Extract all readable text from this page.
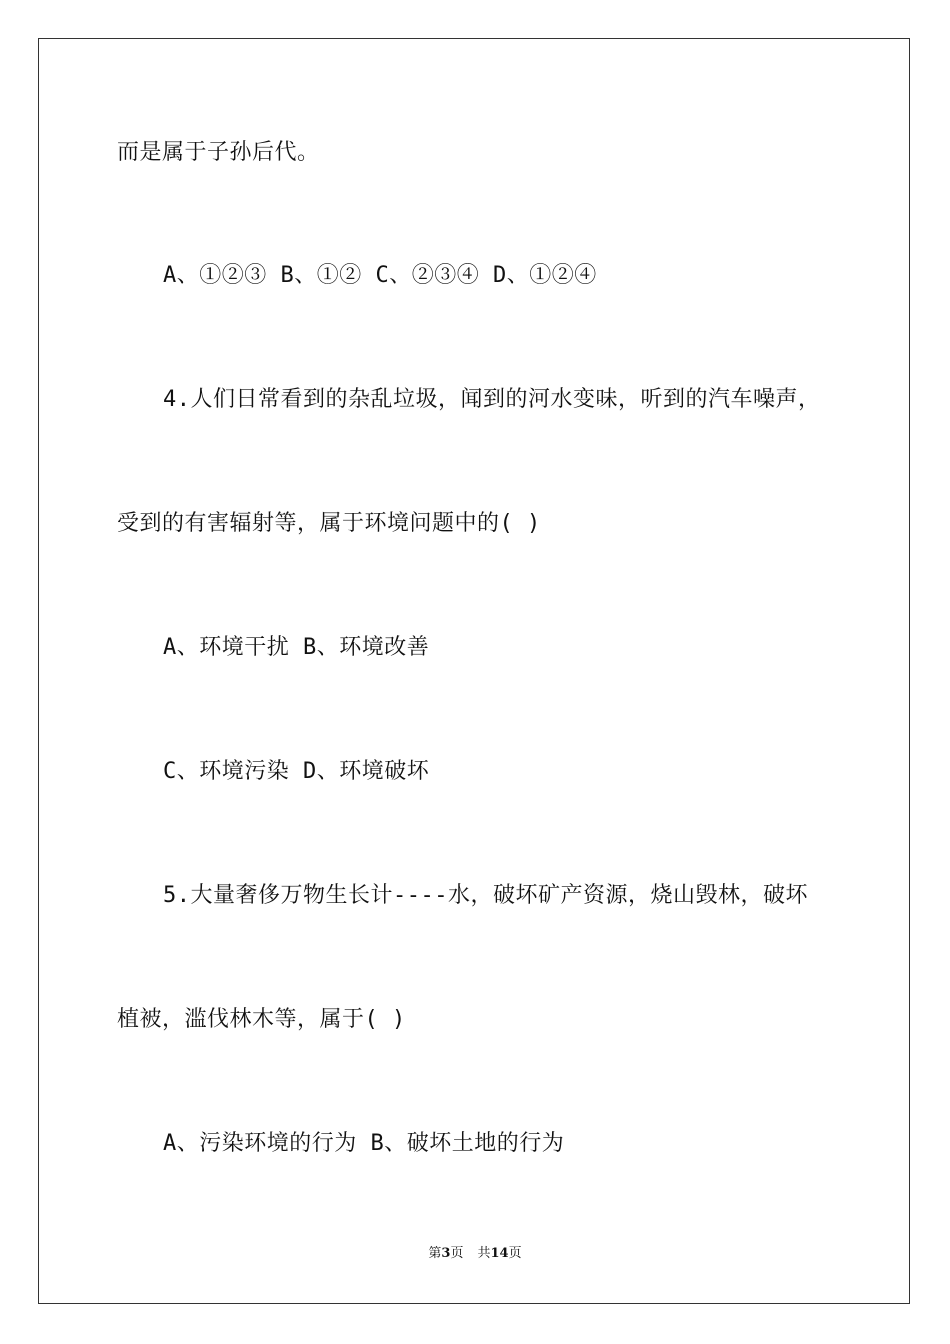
而是属于子孙后代。
A、①②③ B、①② C、②③④ D、①②④
4.人们日常看到的杂乱垃圾，闻到的河水变味，听到的汽车噪声，
受到的有害辐射等，属于环境问题中的( )
A、环境干扰 B、环境改善
C、环境污染 D、环境破坏
5.大量奢侈万物生长计----水，破坏矿产资源，烧山毁林，破坏
植被，滥伐林木等，属于( )
A、污染环境的行为 B、破坏土地的行为
第3页 共14页
